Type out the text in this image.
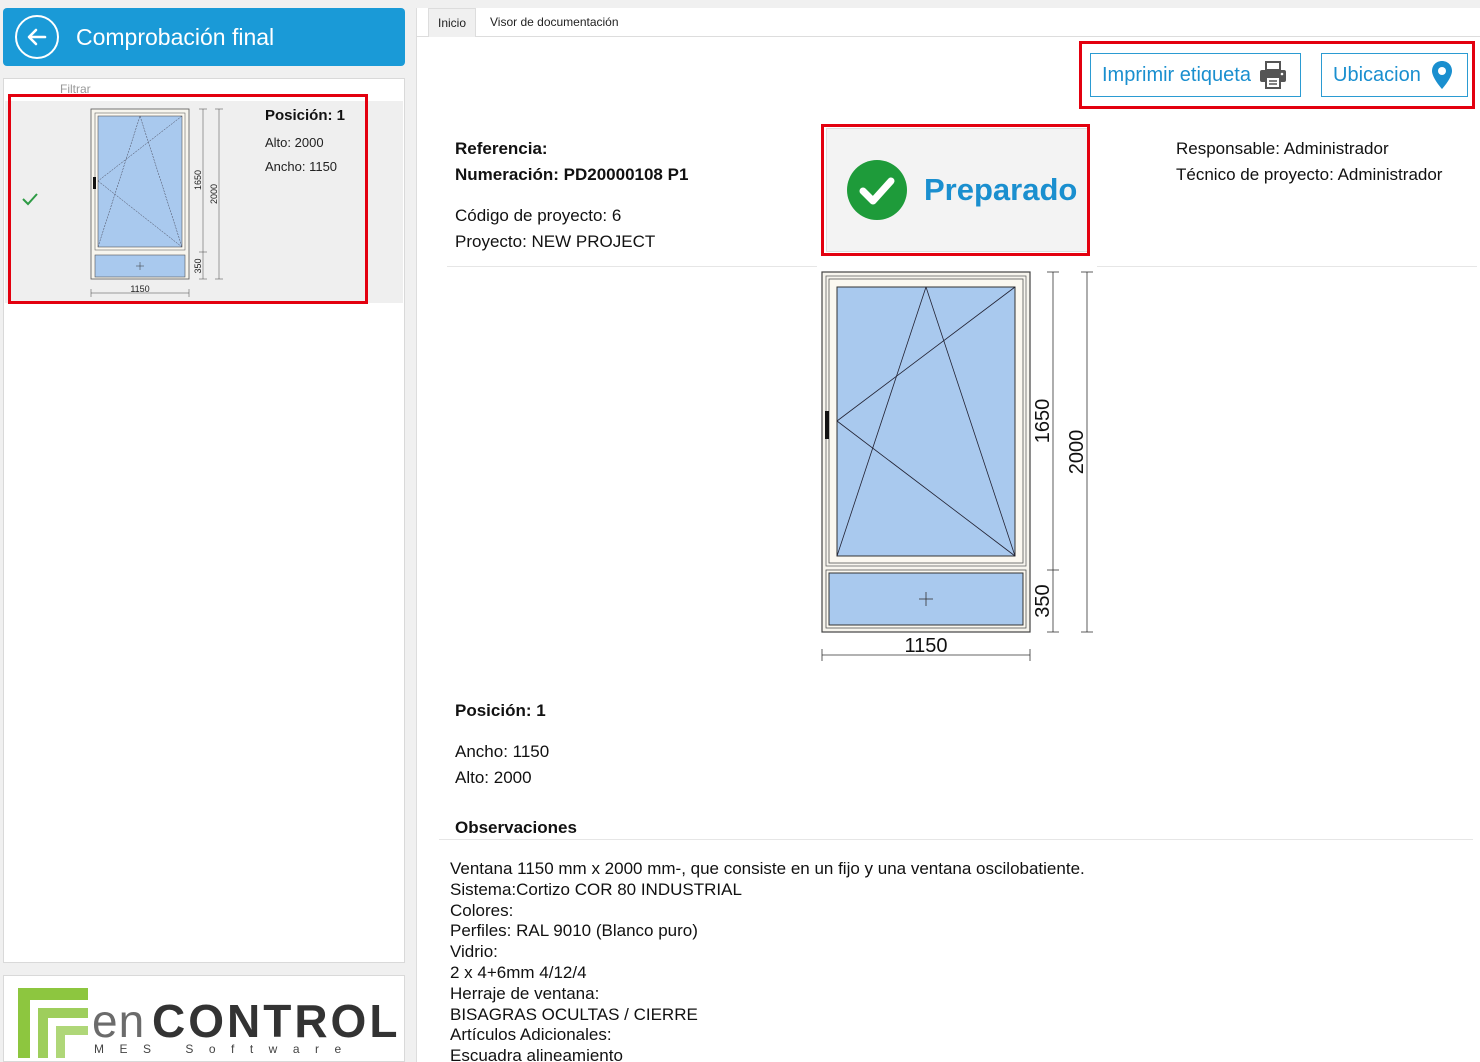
Comprobación final
Filtrar
1650
2000
350
1150
Posición: 1
Alto: 2000
Ancho: 1150
en CONTROL
MES Software
Inicio	Visor de documentación
Imprimir etiqueta	Ubicacion
Referencia:
Numeración: PD20000108 P1
Código de proyecto: 6
Proyecto: NEW PROJECT
Preparado
Responsable: Administrador
Técnico de proyecto: Administrador
1650
2000
350
1150
Posición: 1
Ancho: 1150
Alto: 2000
Observaciones
Ventana 1150 mm x 2000 mm-, que consiste en un fijo y una ventana oscilobatiente.
Sistema:Cortizo COR 80 INDUSTRIAL
Colores:
Perfiles: RAL 9010 (Blanco puro)
Vidrio:
2 x 4+6mm 4/12/4
Herraje de ventana:
BISAGRAS OCULTAS / CIERRE
Artículos Adicionales:
Escuadra alineamiento
